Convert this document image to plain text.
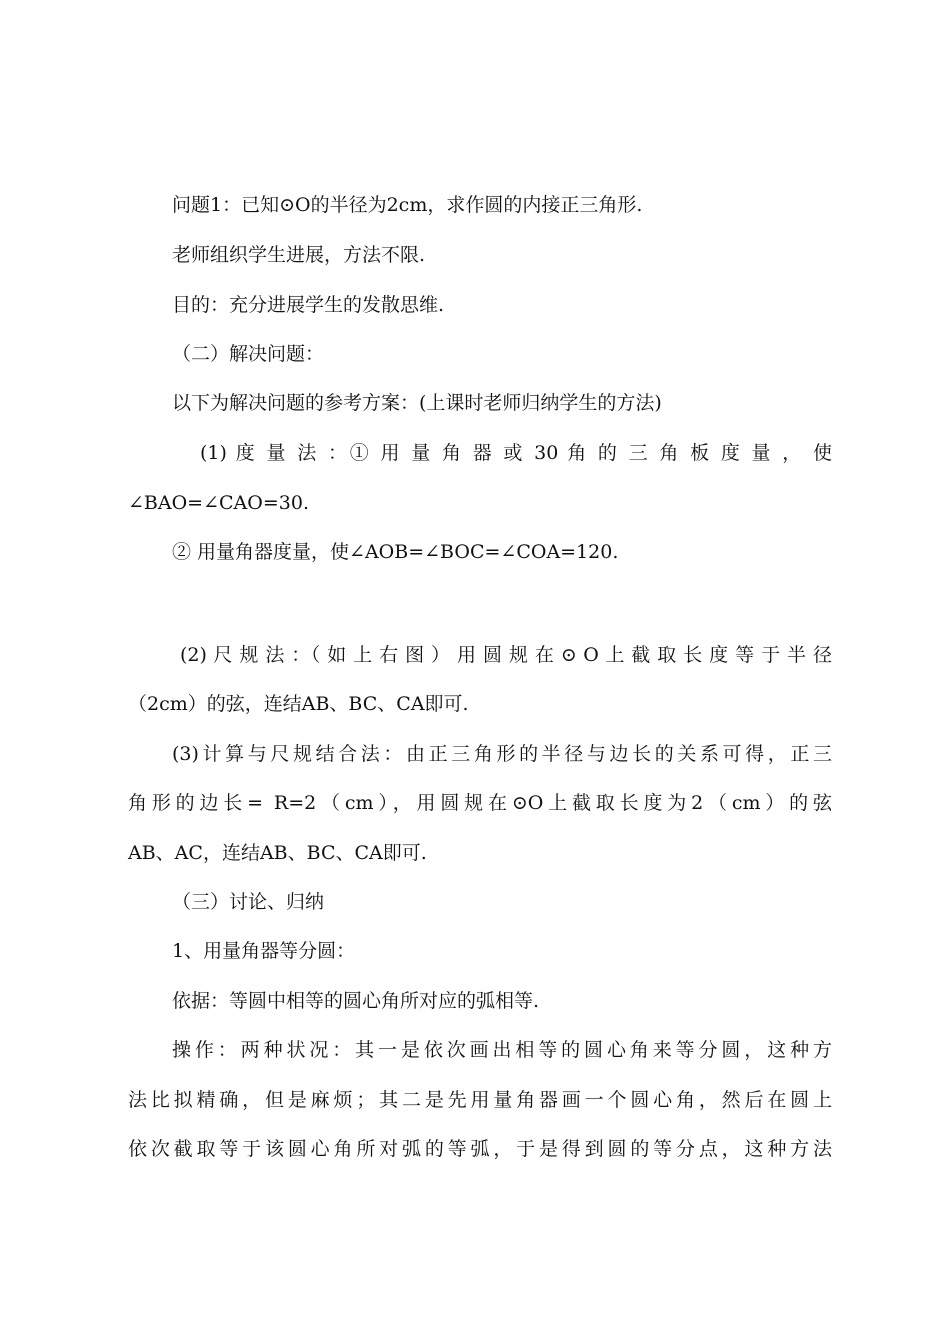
问题1：已知⊙O的半径为2cm，求作圆的内接正三角形.
老师组织学生进展，方法不限.
目的：充分进展学生的发散思维.
（二）解决问题：
以下为解决问题的参考方案：(上课时老师归纳学生的方法)
(1) 度 量 法 ：① 用 量 角 器 或 30 角 的 三 角 板 度 量 ， 使
∠BAO=∠CAO=30.
② 用量角器度量，使∠AOB=∠BOC=∠COA=120.
(2) 尺 规 法 ：（ 如 上 右 图 ） 用 圆 规 在 ⊙ O 上 截 取 长 度 等 于 半 径
（2cm）的弦，连结AB、BC、CA即可.
(3)计算与尺规结合法：由正三角形的半径与边长的关系可得，正三
角形的边长= R=2（cm），用圆规在⊙O上截取长度为2（cm）的弦
AB、AC，连结AB、BC、CA即可.
（三）讨论、归纳
1、用量角器等分圆：
依据：等圆中相等的圆心角所对应的弧相等.
操作：两种状况：其一是依次画出相等的圆心角来等分圆，这种方
法比拟精确，但是麻烦；其二是先用量角器画一个圆心角，然后在圆上
依次截取等于该圆心角所对弧的等弧，于是得到圆的等分点，这种方法
